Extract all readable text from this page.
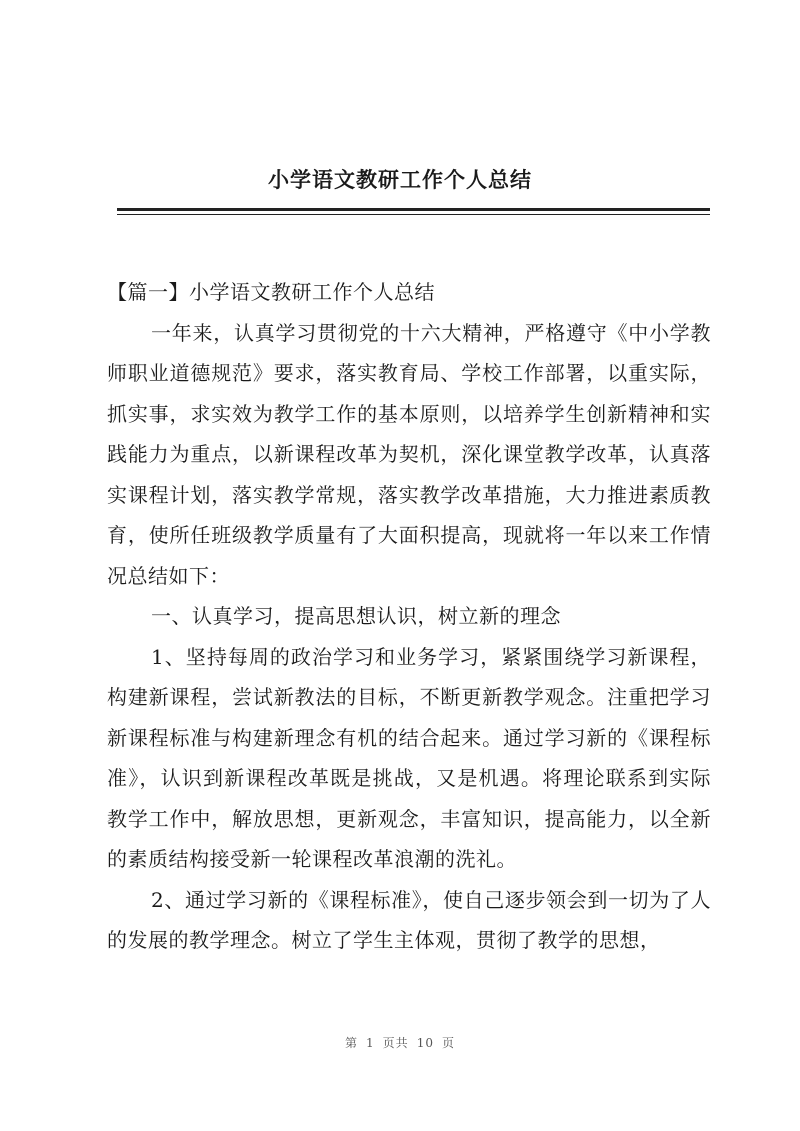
小学语文教研工作个人总结

【篇一】小学语文教研工作个人总结

一年来，认真学习贯彻党的十六大精神，严格遵守《中小学教师职业道德规范》要求，落实教育局、学校工作部署，以重实际，抓实事，求实效为教学工作的基本原则，以培养学生创新精神和实践能力为重点，以新课程改革为契机，深化课堂教学改革，认真落实课程计划，落实教学常规，落实教学改革措施，大力推进素质教育，使所任班级教学质量有了大面积提高，现就将一年以来工作情况总结如下：

一、认真学习，提高思想认识，树立新的理念

1、坚持每周的政治学习和业务学习，紧紧围绕学习新课程，构建新课程，尝试新教法的目标，不断更新教学观念。注重把学习新课程标准与构建新理念有机的结合起来。通过学习新的《课程标准》，认识到新课程改革既是挑战，又是机遇。将理论联系到实际教学工作中，解放思想，更新观念，丰富知识，提高能力，以全新的素质结构接受新一轮课程改革浪潮的洗礼。

2、通过学习新的《课程标准》，使自己逐步领会到一切为了人的发展的教学理念。树立了学生主体观，贯彻了教学的思想，

第 1 页共 10 页
